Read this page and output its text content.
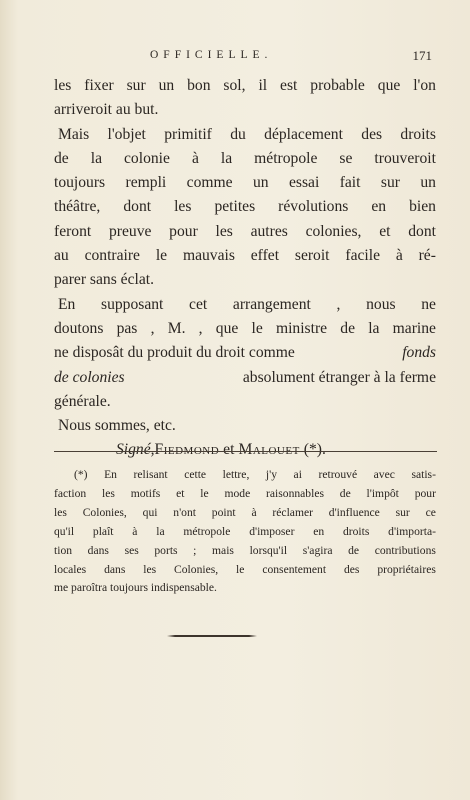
OFFICIELLE.	171
les fixer sur un bon sol, il est probable que l'on
arriveroit au but.
Mais l'objet primitif du déplacement des droits
de la colonie à la métropole se trouveroit
toujours rempli comme un essai fait sur un
théâtre, dont les petites révolutions en bien
feront preuve pour les autres colonies, et dont
au contraire le mauvais effet seroit facile à ré-
parer sans éclat.
En supposant cet arrangement , nous ne
doutons pas , M. , que le ministre de la marine
ne disposât du produit du droit comme	fonds
de colonies	absolument étranger à la ferme
générale.
Nous sommes, etc.
Signé, Fiedmond et Malouet (*).
(*) En relisant cette lettre, j'y ai retrouvé avec satis-
faction les motifs et le mode raisonnables de l'impôt pour
les Colonies, qui n'ont point à réclamer d'influence sur ce
qu'il plaît à la métropole d'imposer en droits d'importa-
tion dans ses ports ; mais lorsqu'il s'agira de contributions
locales dans les Colonies, le consentement des propriétaires
me paroîtra toujours indispensable.
